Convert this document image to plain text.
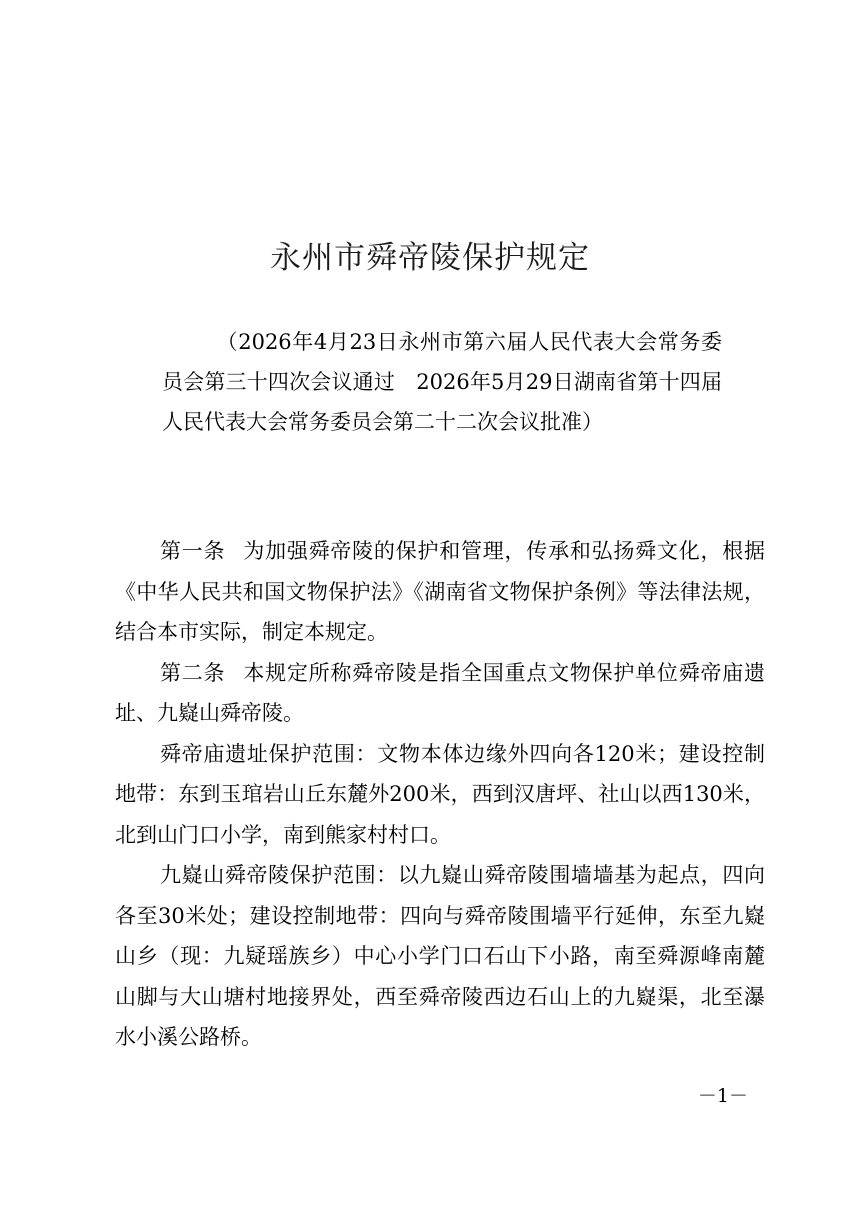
永州市舜帝陵保护规定
（2026年4月23日永州市第六届人民代表大会常务委员会第三十四次会议通过　2026年5月29日湖南省第十四届人民代表大会常务委员会第二十二次会议批准）

第一条 为加强舜帝陵的保护和管理，传承和弘扬舜文化，根据《中华人民共和国文物保护法》《湖南省文物保护条例》等法律法规，结合本市实际，制定本规定。

第二条 本规定所称舜帝陵是指全国重点文物保护单位舜帝庙遗址、九嶷山舜帝陵。

舜帝庙遗址保护范围：文物本体边缘外四向各120米；建设控制地带：东到玉琯岩山丘东麓外200米，西到汉唐坪、社山以西130米，北到山门口小学，南到熊家村村口。

九嶷山舜帝陵保护范围：以九嶷山舜帝陵围墙墙基为起点，四向各至30米处；建设控制地带：四向与舜帝陵围墙平行延伸，东至九嶷山乡（现：九疑瑶族乡）中心小学门口石山下小路，南至舜源峰南麓山脚与大山塘村地接界处，西至舜帝陵西边石山上的九嶷渠，北至瀑水小溪公路桥。

－1－
